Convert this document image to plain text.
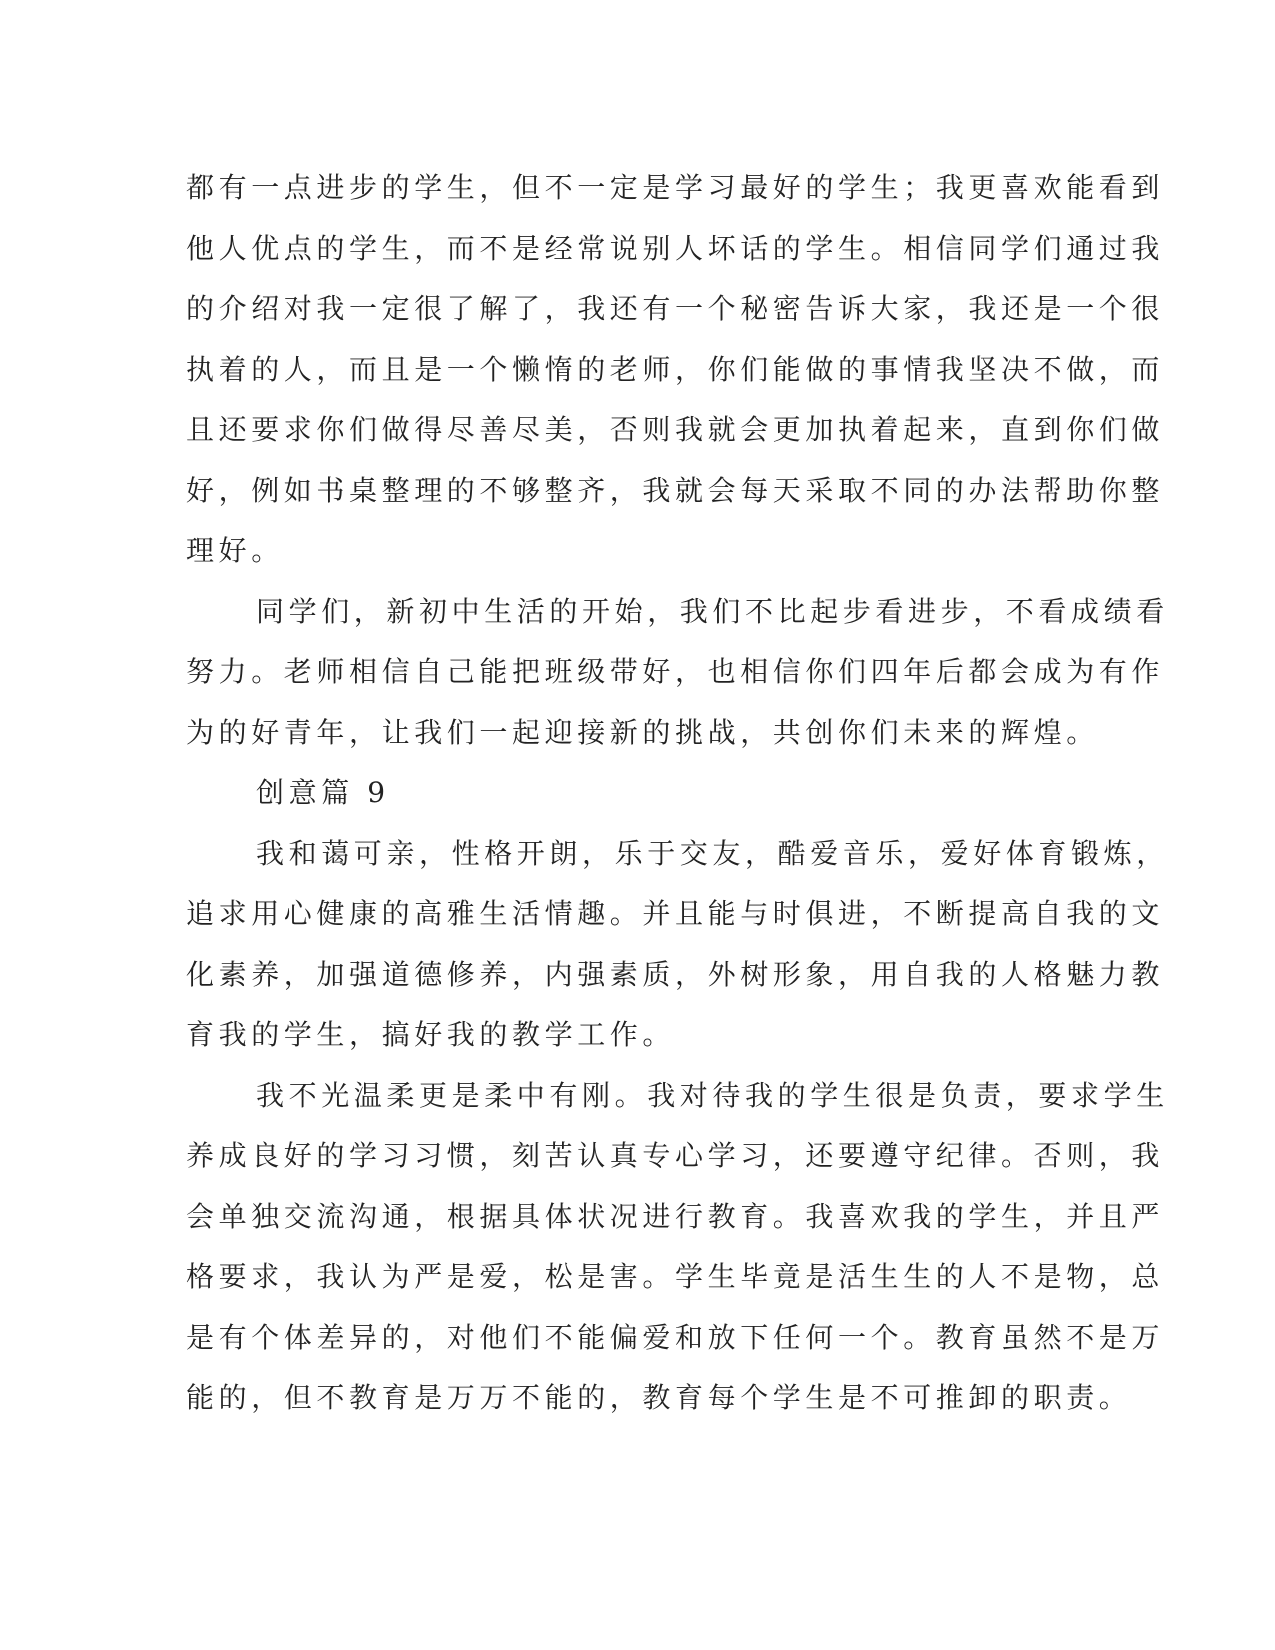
都有一点进步的学生，但不一定是学习最好的学生；我更喜欢能看到
他人优点的学生，而不是经常说别人坏话的学生。相信同学们通过我
的介绍对我一定很了解了，我还有一个秘密告诉大家，我还是一个很
执着的人，而且是一个懒惰的老师，你们能做的事情我坚决不做，而
且还要求你们做得尽善尽美，否则我就会更加执着起来，直到你们做
好，例如书桌整理的不够整齐，我就会每天采取不同的办法帮助你整
理好。
同学们，新初中生活的开始，我们不比起步看进步，不看成绩看
努力。老师相信自己能把班级带好，也相信你们四年后都会成为有作
为的好青年，让我们一起迎接新的挑战，共创你们未来的辉煌。
创意篇 9
我和蔼可亲，性格开朗，乐于交友，酷爱音乐，爱好体育锻炼，
追求用心健康的高雅生活情趣。并且能与时俱进，不断提高自我的文
化素养，加强道德修养，内强素质，外树形象，用自我的人格魅力教
育我的学生，搞好我的教学工作。
我不光温柔更是柔中有刚。我对待我的学生很是负责，要求学生
养成良好的学习习惯，刻苦认真专心学习，还要遵守纪律。否则，我
会单独交流沟通，根据具体状况进行教育。我喜欢我的学生，并且严
格要求，我认为严是爱，松是害。学生毕竟是活生生的人不是物，总
是有个体差异的，对他们不能偏爱和放下任何一个。教育虽然不是万
能的，但不教育是万万不能的，教育每个学生是不可推卸的职责。
